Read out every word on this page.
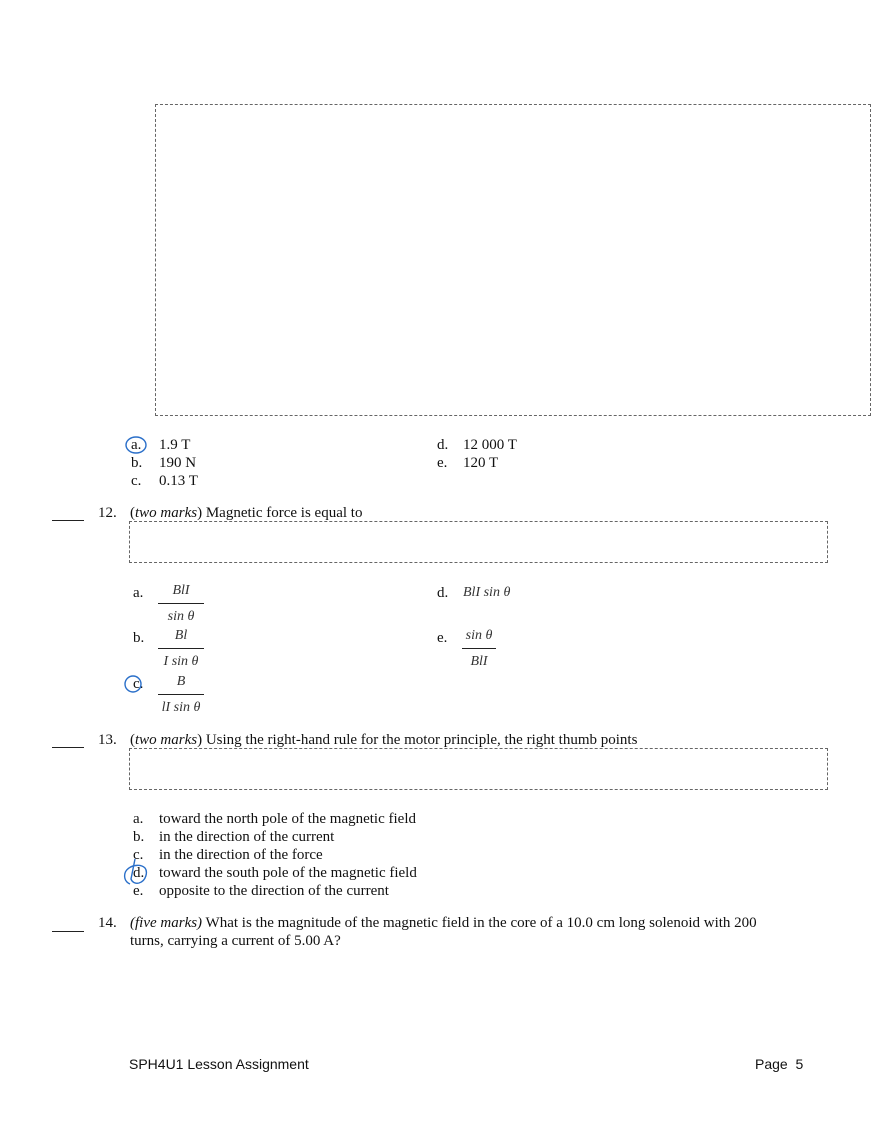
a. 1.9 T
b. 190 N
c. 0.13 T
d. 12 000 T
e. 120 T
12. (two marks) Magnetic force is equal to
a.	BlI
sin θ
b.	Bl
I sin θ
c.	B
lI sin θ
d. BlI sin θ
e. sin θ
BlI
13. (two marks) Using the right-hand rule for the motor principle, the right thumb points
a. toward the north pole of the magnetic field
b. in the direction of the current
c. in the direction of the force
d. toward the south pole of the magnetic field
e. opposite to the direction of the current
14. (five marks) What is the magnitude of the magnetic field in the core of a 10.0 cm long solenoid with 200
turns, carrying a current of 5.00 A?
SPH4U1 Lesson Assignment	Page 5
